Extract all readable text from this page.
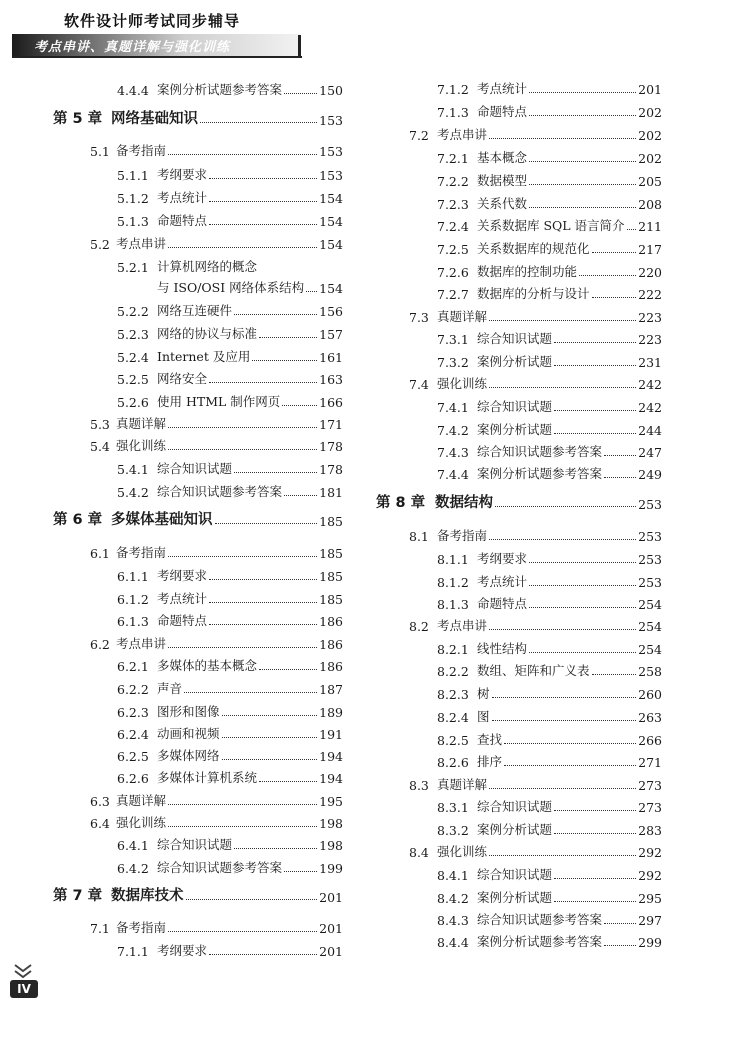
软件设计师考试同步辅导
考点串讲、真题详解与强化训练
4.4.4 案例分析试题参考答案	150
第 5 章 网络基础知识	153
5.1 备考指南	153
5.1.1 考纲要求	153
5.1.2 考点统计	154
5.1.3 命题特点	154
5.2 考点串讲	154
5.2.1 计算机网络的概念
与 ISO/OSI 网络体系结构 154
5.2.2 网络互连硬件	156
5.2.3 网络的协议与标准	157
5.2.4 Internet 及应用	161
5.2.5 网络安全	163
5.2.6 使用 HTML 制作网页	166
5.3 真题详解	171
5.4 强化训练	178
5.4.1 综合知识试题	178
5.4.2 综合知识试题参考答案	181
第 6 章 多媒体基础知识	185
6.1 备考指南	185
6.1.1 考纲要求	185
6.1.2 考点统计	185
6.1.3 命题特点	186
6.2 考点串讲	186
6.2.1 多媒体的基本概念	186
6.2.2 声音	187
6.2.3 图形和图像	189
6.2.4 动画和视频	191
6.2.5 多媒体网络	194
6.2.6 多媒体计算机系统	194
6.3 真题详解	195
6.4 强化训练	198
6.4.1 综合知识试题	198
6.4.2 综合知识试题参考答案	199
第 7 章 数据库技术	201
7.1 备考指南	201
7.1.1 考纲要求	201
7.1.2 考点统计	201
7.1.3 命题特点	202
7.2 考点串讲	202
7.2.1 基本概念	202
7.2.2 数据模型	205
7.2.3 关系代数	208
7.2.4 关系数据库 SQL 语言简介 211
7.2.5 关系数据库的规范化	217
7.2.6 数据库的控制功能	220
7.2.7 数据库的分析与设计	222
7.3 真题详解	223
7.3.1 综合知识试题	223
7.3.2 案例分析试题	231
7.4 强化训练	242
7.4.1 综合知识试题	242
7.4.2 案例分析试题	244
7.4.3 综合知识试题参考答案	247
7.4.4 案例分析试题参考答案	249
第 8 章 数据结构	253
8.1 备考指南	253
8.1.1 考纲要求	253
8.1.2 考点统计	253
8.1.3 命题特点	254
8.2 考点串讲	254
8.2.1 线性结构	254
8.2.2 数组、矩阵和广义表	258
8.2.3 树	260
8.2.4 图	263
8.2.5 查找	266
8.2.6 排序	271
8.3 真题详解	273
8.3.1 综合知识试题	273
8.3.2 案例分析试题	283
8.4 强化训练	292
8.4.1 综合知识试题	292
8.4.2 案例分析试题	295
8.4.3 综合知识试题参考答案	297
8.4.4 案例分析试题参考答案	299
IV
